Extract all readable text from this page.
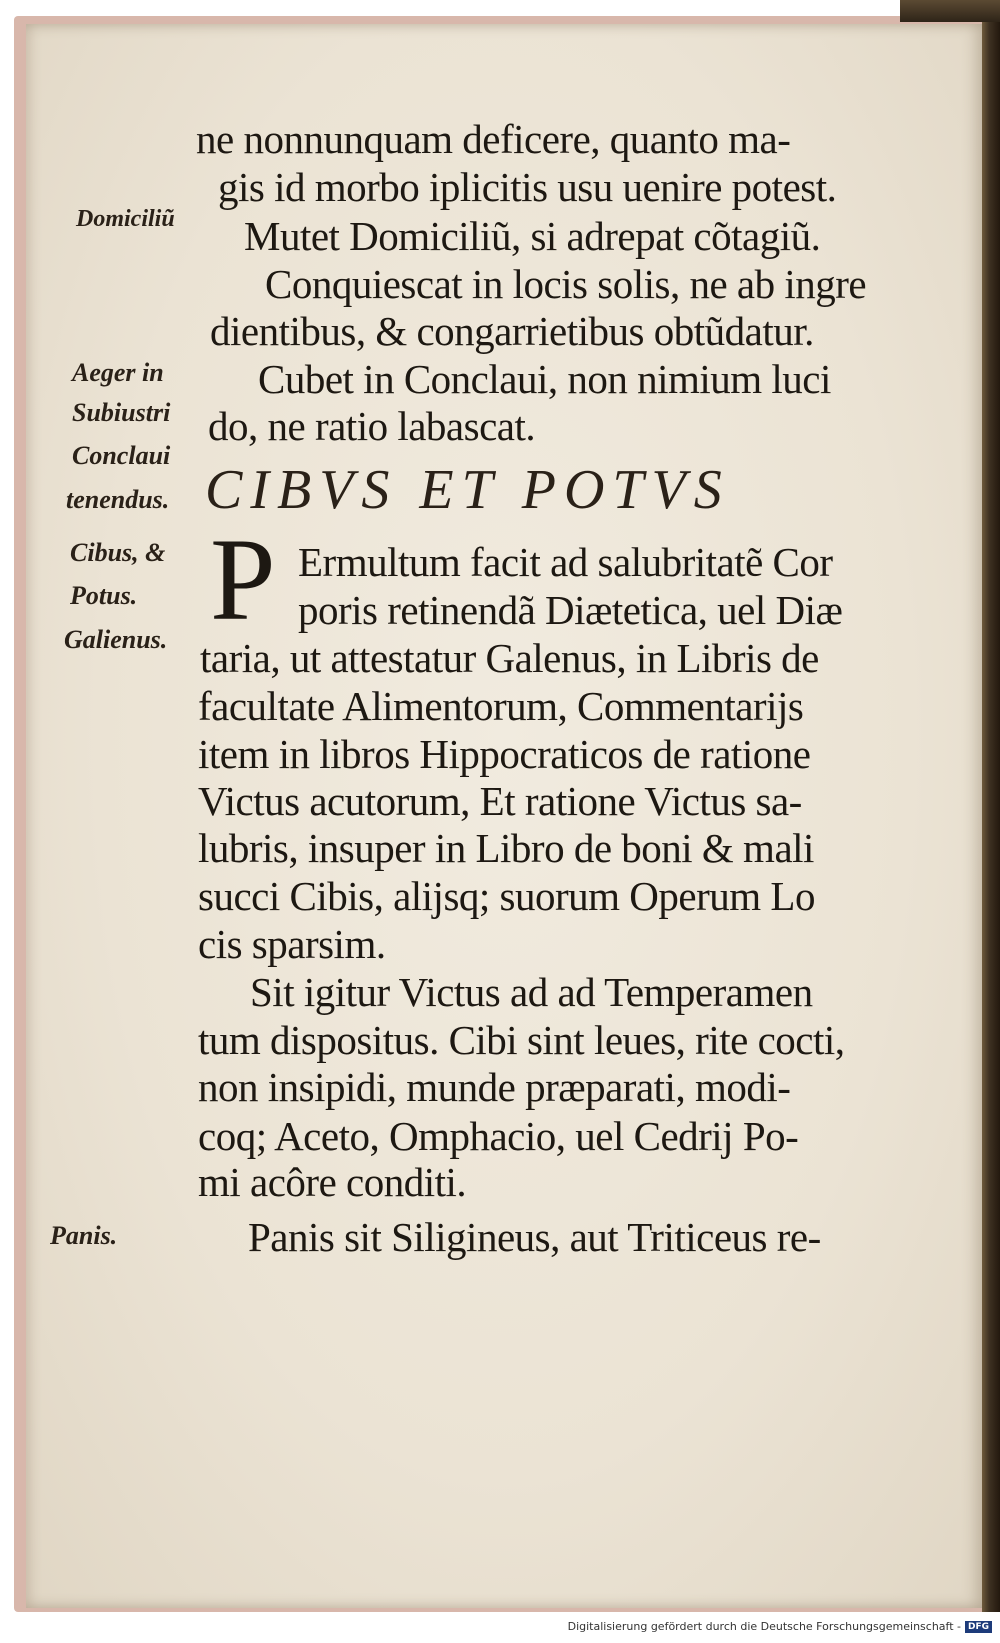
ne nonnunquam deficere, quanto ma-
gis id morbo iplicitis usu uenire potest.
Mutet Domiciliũ, si adrepat cõtagiũ.
Conquiescat in locis solis, ne ab ingre
dientibus, & congarrietibus obtũdatur.
Cubet in Conclaui, non nimium luci
do, ne ratio labascat.
CIBVS ET POTVS
P Ermultum facit ad salubritatẽ Cor
poris retinendã Diætetica, uel Diæ
taria, ut attestatur Galenus, in Libris de
facultate Alimentorum, Commentarijs
item in libros Hippocraticos de ratione
Victus acutorum, Et ratione Victus sa-
lubris, insuper in Libro de boni & mali
succi Cibis, alijsq; suorum Operum Lo
cis sparsim.
Sit igitur Victus ad ad Temperamen
tum dispositus. Cibi sint leues, rite cocti,
non insipidi, munde præparati, modi-
coq; Aceto, Omphacio, uel Cedrij Po-
mi acôre conditi.
Panis sit Siligineus, aut Triticeus re-
Domiciliũ
Aeger in
Subiustri
Conclaui
tenendus.
Cibus, &
Potus.
Galienus.
Panis.
Digitalisierung gefördert durch die Deutsche Forschungsgemeinschaft - DFG
